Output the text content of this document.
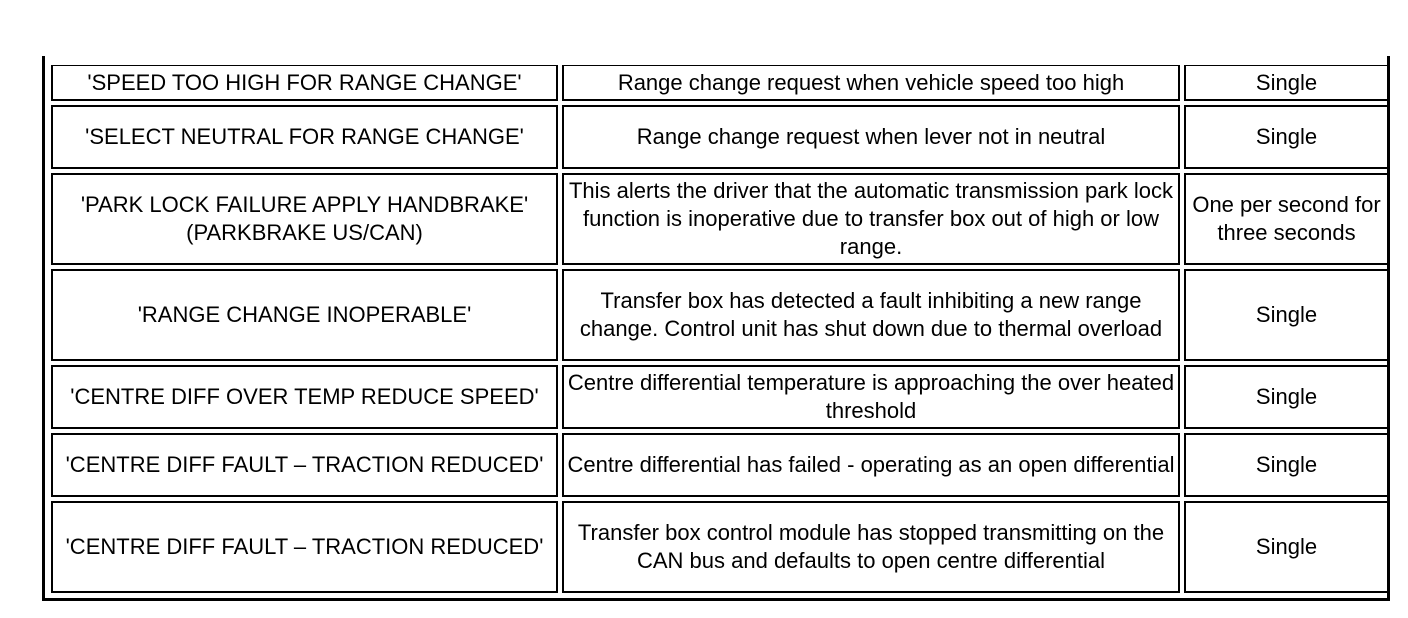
'SPEED TOO HIGH FOR RANGE CHANGE'	Range change request when vehicle speed too high	Single
'SELECT NEUTRAL FOR RANGE CHANGE'	Range change request when lever not in neutral	Single
'PARK LOCK FAILURE APPLY HANDBRAKE' (PARKBRAKE US/CAN)	This alerts the driver that the automatic transmission park lock function is inoperative due to transfer box out of high or low range.	One per second for three seconds
'RANGE CHANGE INOPERABLE'	Transfer box has detected a fault inhibiting a new range change. Control unit has shut down due to thermal overload	Single
'CENTRE DIFF OVER TEMP REDUCE SPEED'	Centre differential temperature is approaching the over heated threshold	Single
'CENTRE DIFF FAULT – TRACTION REDUCED'	Centre differential has failed - operating as an open differential	Single
'CENTRE DIFF FAULT – TRACTION REDUCED'	Transfer box control module has stopped transmitting on the CAN bus and defaults to open centre differential	Single
